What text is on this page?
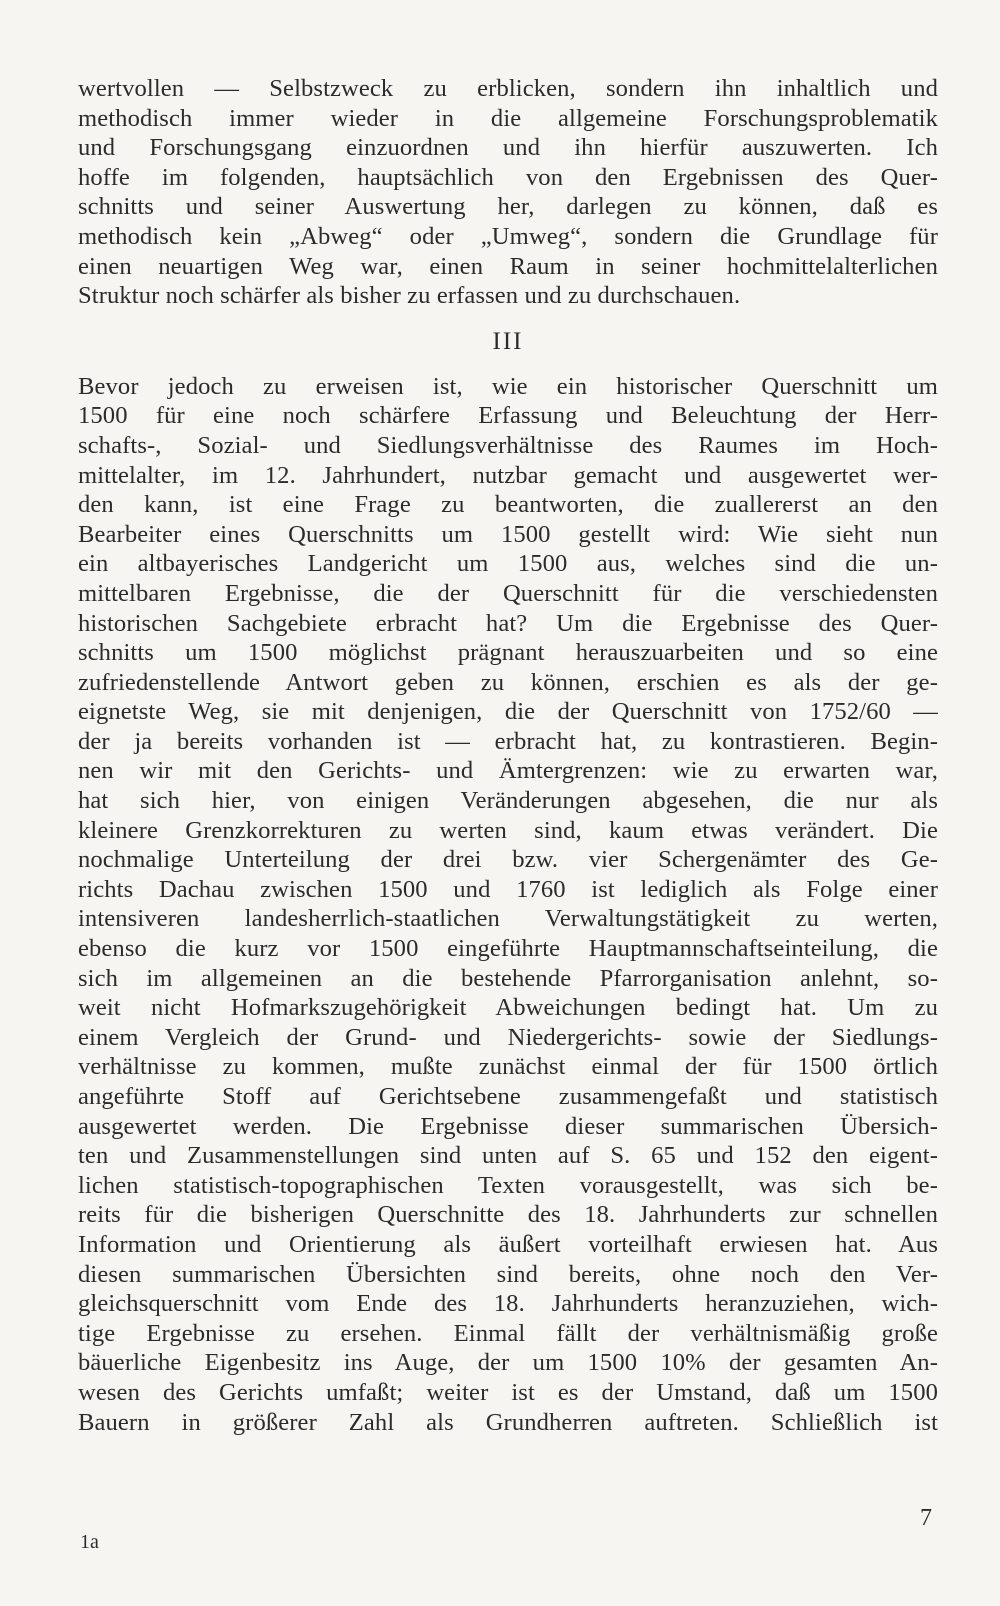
wertvollen — Selbstzweck zu erblicken, sondern ihn inhaltlich und
methodisch immer wieder in die allgemeine Forschungsproblematik
und Forschungsgang einzuordnen und ihn hierfür auszuwerten. Ich
hoffe im folgenden, hauptsächlich von den Ergebnissen des Quer-
schnitts und seiner Auswertung her, darlegen zu können, daß es
methodisch kein „Abweg“ oder „Umweg“, sondern die Grundlage für
einen neuartigen Weg war, einen Raum in seiner hochmittelalterlichen
Struktur noch schärfer als bisher zu erfassen und zu durchschauen.
III
Bevor jedoch zu erweisen ist, wie ein historischer Querschnitt um
1500 für eine noch schärfere Erfassung und Beleuchtung der Herr-
schafts-, Sozial- und Siedlungsverhältnisse des Raumes im Hoch-
mittelalter, im 12. Jahrhundert, nutzbar gemacht und ausgewertet wer-
den kann, ist eine Frage zu beantworten, die zuallererst an den
Bearbeiter eines Querschnitts um 1500 gestellt wird: Wie sieht nun
ein altbayerisches Landgericht um 1500 aus, welches sind die un-
mittelbaren Ergebnisse, die der Querschnitt für die verschiedensten
historischen Sachgebiete erbracht hat? Um die Ergebnisse des Quer-
schnitts um 1500 möglichst prägnant herauszuarbeiten und so eine
zufriedenstellende Antwort geben zu können, erschien es als der ge-
eignetste Weg, sie mit denjenigen, die der Querschnitt von 1752/60 —
der ja bereits vorhanden ist — erbracht hat, zu kontrastieren. Begin-
nen wir mit den Gerichts- und Ämtergrenzen: wie zu erwarten war,
hat sich hier, von einigen Veränderungen abgesehen, die nur als
kleinere Grenzkorrekturen zu werten sind, kaum etwas verändert. Die
nochmalige Unterteilung der drei bzw. vier Schergenämter des Ge-
richts Dachau zwischen 1500 und 1760 ist lediglich als Folge einer
intensiveren landesherrlich-staatlichen Verwaltungstätigkeit zu werten,
ebenso die kurz vor 1500 eingeführte Hauptmannschaftseinteilung, die
sich im allgemeinen an die bestehende Pfarrorganisation anlehnt, so-
weit nicht Hofmarkszugehörigkeit Abweichungen bedingt hat. Um zu
einem Vergleich der Grund- und Niedergerichts- sowie der Siedlungs-
verhältnisse zu kommen, mußte zunächst einmal der für 1500 örtlich
angeführte Stoff auf Gerichtsebene zusammengefaßt und statistisch
ausgewertet werden. Die Ergebnisse dieser summarischen Übersich-
ten und Zusammenstellungen sind unten auf S. 65 und 152 den eigent-
lichen statistisch-topographischen Texten vorausgestellt, was sich be-
reits für die bisherigen Querschnitte des 18. Jahrhunderts zur schnellen
Information und Orientierung als äußert vorteilhaft erwiesen hat. Aus
diesen summarischen Übersichten sind bereits, ohne noch den Ver-
gleichsquerschnitt vom Ende des 18. Jahrhunderts heranzuziehen, wich-
tige Ergebnisse zu ersehen. Einmal fällt der verhältnismäßig große
bäuerliche Eigenbesitz ins Auge, der um 1500 10% der gesamten An-
wesen des Gerichts umfaßt; weiter ist es der Umstand, daß um 1500
Bauern in größerer Zahl als Grundherren auftreten. Schließlich ist
7
1a
